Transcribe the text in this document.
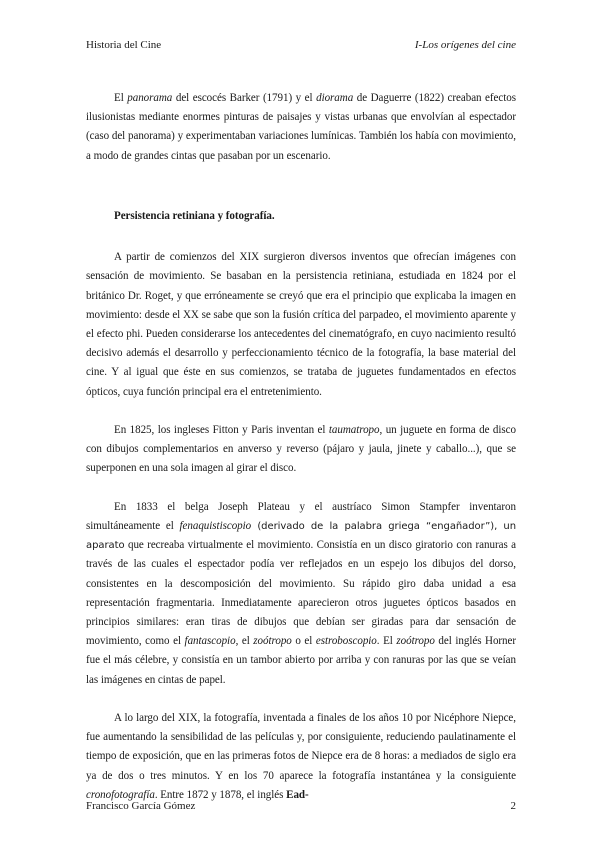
Historia del Cine	I-Los orígenes del cine

El panorama del escocés Barker (1791) y el diorama de Daguerre (1822) creaban efectos ilusionistas mediante enormes pinturas de paisajes y vistas urbanas que envolvían al espectador (caso del panorama) y experimentaban variaciones lumínicas. También los había con movimiento, a modo de grandes cintas que pasaban por un escenario.

Persistencia retiniana y fotografía.

A partir de comienzos del XIX surgieron diversos inventos que ofrecían imágenes con sensación de movimiento. Se basaban en la persistencia retiniana, estudiada en 1824 por el británico Dr. Roget, y que erróneamente se creyó que era el principio que explicaba la imagen en movimiento: desde el XX se sabe que son la fusión crítica del parpadeo, el movimiento aparente y el efecto phi. Pueden considerarse los antecedentes del cinematógrafo, en cuyo nacimiento resultó decisivo además el desarrollo y perfeccionamiento técnico de la fotografía, la base material del cine. Y al igual que éste en sus comienzos, se trataba de juguetes fundamentados en efectos ópticos, cuya función principal era el entretenimiento.

En 1825, los ingleses Fitton y Paris inventan el taumatropo, un juguete en forma de disco con dibujos complementarios en anverso y reverso (pájaro y jaula, jinete y caballo...), que se superponen en una sola imagen al girar el disco.

En 1833 el belga Joseph Plateau y el austríaco Simon Stampfer inventaron simultáneamente el fenaquistiscopio (derivado de la palabra griega “engañador”), un aparato que recreaba virtualmente el movimiento. Consistía en un disco giratorio con ranuras a través de las cuales el espectador podía ver reflejados en un espejo los dibujos del dorso, consistentes en la descomposición del movimiento. Su rápido giro daba unidad a esa representación fragmentaria. Inmediatamente aparecieron otros juguetes ópticos basados en principios similares: eran tiras de dibujos que debían ser giradas para dar sensación de movimiento, como el fantascopio, el zoótropo o el estroboscopio. El zoótropo del inglés Horner fue el más célebre, y consistía en un tambor abierto por arriba y con ranuras por las que se veían las imágenes en cintas de papel.

A lo largo del XIX, la fotografía, inventada a finales de los años 10 por Nicéphore Niepce, fue aumentando la sensibilidad de las películas y, por consiguiente, reduciendo paulatinamente el tiempo de exposición, que en las primeras fotos de Niepce era de 8 horas: a mediados de siglo era ya de dos o tres minutos. Y en los 70 aparece la fotografía instantánea y la consiguiente cronofotografía. Entre 1872 y 1878, el inglés Ead-

Francisco García Gómez	2
